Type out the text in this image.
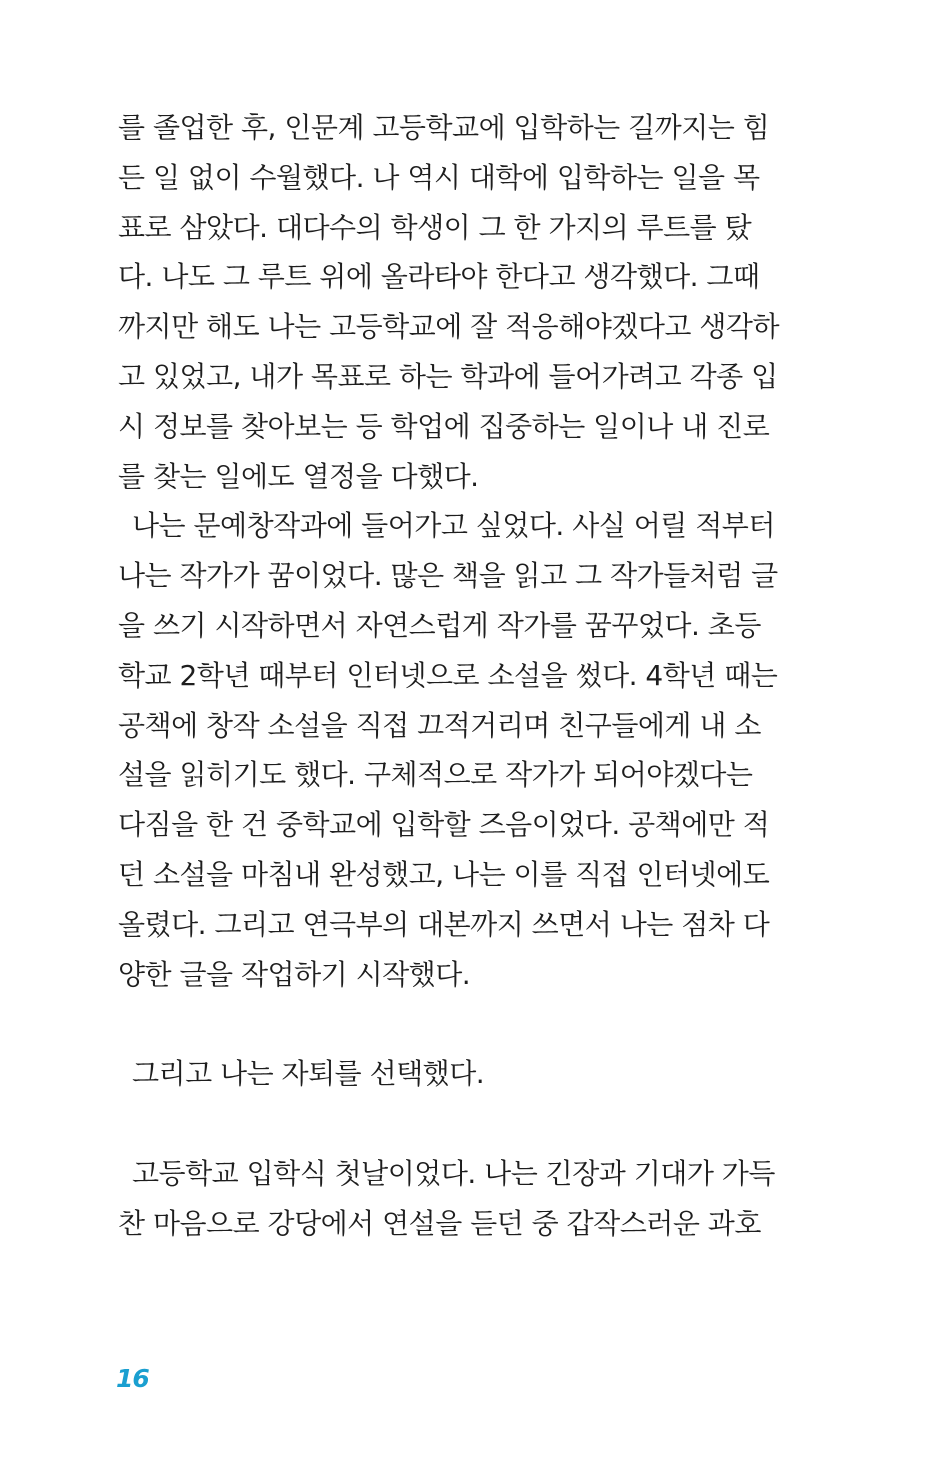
를 졸업한 후, 인문계 고등학교에 입학하는 길까지는 힘
든 일 없이 수월했다. 나 역시 대학에 입학하는 일을 목
표로 삼았다. 대다수의 학생이 그 한 가지의 루트를 탔
다. 나도 그 루트 위에 올라타야 한다고 생각했다. 그때
까지만 해도 나는 고등학교에 잘 적응해야겠다고 생각하
고 있었고, 내가 목표로 하는 학과에 들어가려고 각종 입
시 정보를 찾아보는 등 학업에 집중하는 일이나 내 진로
를 찾는 일에도 열정을 다했다.
나는 문예창작과에 들어가고 싶었다. 사실 어릴 적부터
나는 작가가 꿈이었다. 많은 책을 읽고 그 작가들처럼 글
을 쓰기 시작하면서 자연스럽게 작가를 꿈꾸었다. 초등
학교 2학년 때부터 인터넷으로 소설을 썼다. 4학년 때는
공책에 창작 소설을 직접 끄적거리며 친구들에게 내 소
설을 읽히기도 했다. 구체적으로 작가가 되어야겠다는
다짐을 한 건 중학교에 입학할 즈음이었다. 공책에만 적
던 소설을 마침내 완성했고, 나는 이를 직접 인터넷에도
올렸다. 그리고 연극부의 대본까지 쓰면서 나는 점차 다
양한 글을 작업하기 시작했다.
그리고 나는 자퇴를 선택했다.
고등학교 입학식 첫날이었다. 나는 긴장과 기대가 가득
찬 마음으로 강당에서 연설을 듣던 중 갑작스러운 과호
16
